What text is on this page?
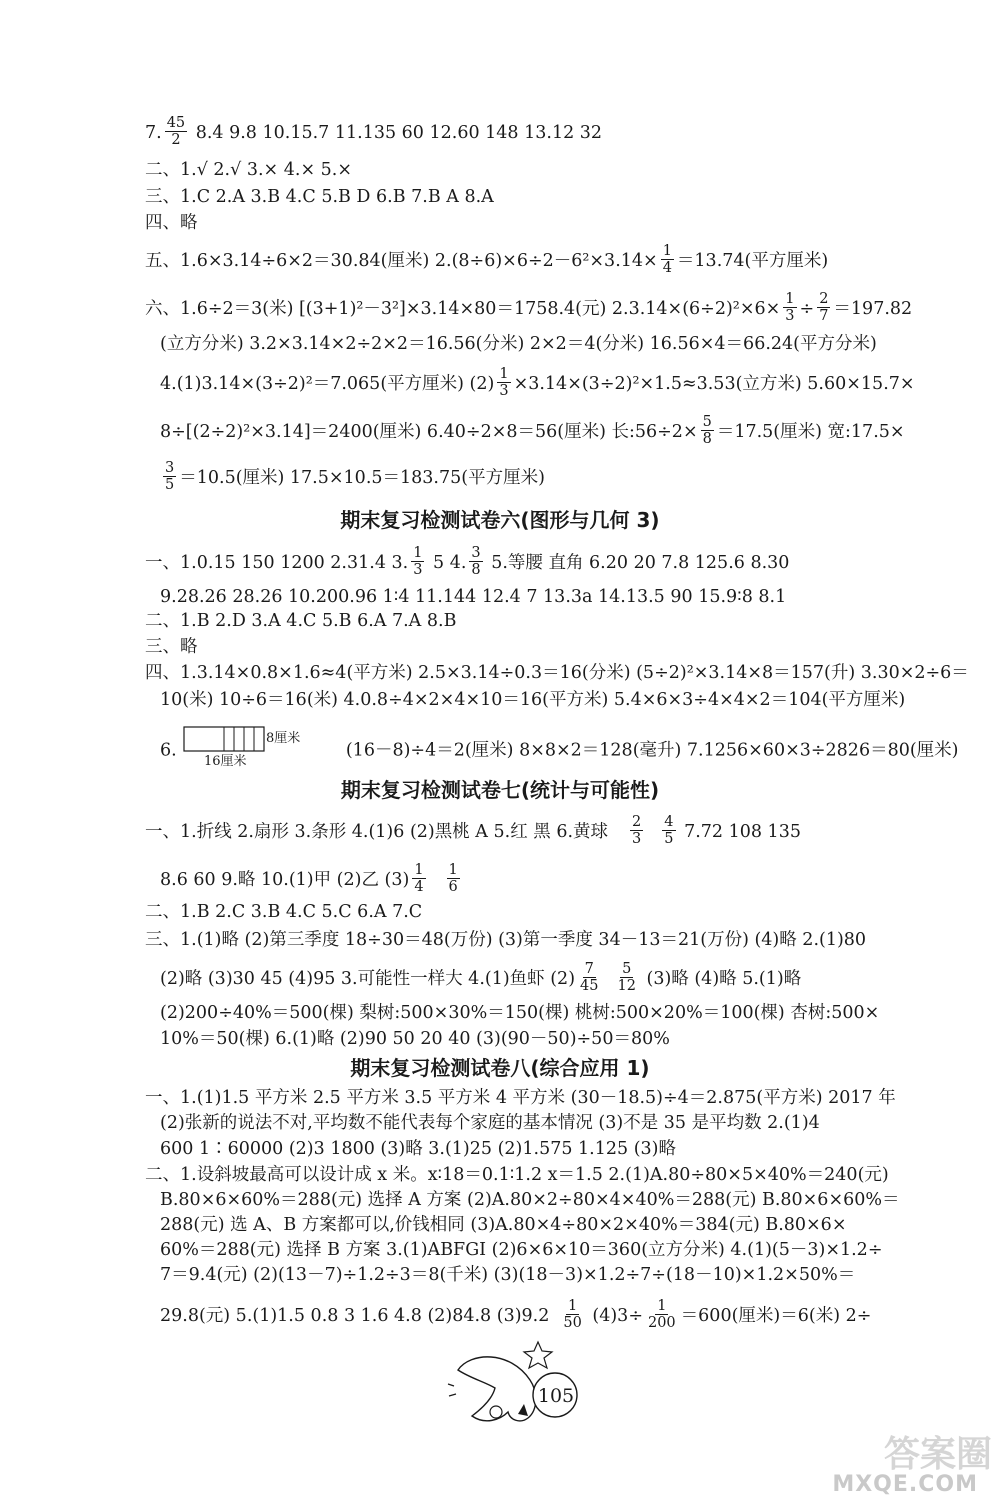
7. $\frac{45}{2} 8.4$ 9.8 10.15.7 11.135 60 12.60 148 13.12 32
二、1.√ 2.√ 3.× 4.× 5.×
三、1.C 2.A 3.B 4.C 5.B D 6.B 7.B A 8.A
四、略
五、1.6×3.14÷6×2＝30.84(厘米) $2.(8\div 6)\times 6\div 2-6^2\times 3.14\times \frac{1}{4} =13.74$(平方厘米)
六、1.6÷2＝3(米) [(3+1)²－3²]×3.14×80＝1758.4(元) $2.3.14\times(6\div 2)^2\times 6\times \frac{1}{3} \div \frac{2}{7} =197.82$
(立方分米) 3.2×3.14×2÷2×2＝16.56(分米) 2×2＝4(分米) 16.56×4＝66.24(平方分米)
4.(1)3.14×(3÷2)²＝7.065(平方厘米) $(2) \frac{1}{3} \times 3.14\times(3\div 2)^2\times 1.5\approx 3.53$(立方米) 5.60×15.7×
8÷[(2÷2)²×3.14]＝2400(厘米) 6.40÷2×8＝56(厘米) 长:56÷2× $\frac{5}{8} =17.5$(厘米) 宽:17.5×
$\frac{3}{5} =10.5$(厘米) 17.5×10.5＝183.75(平方厘米)
期末复习检测试卷六(图形与几何 3)
一、1.0.15 150 1200 2.31.4 3. $\frac{1}{3} 5$ 4. $\frac{3}{8} 5$.等腰 直角 6.20 20 7.8 125.6 8.30
9.28.26 28.26 10.200.96 1∶4 11.144 12.4 7 13.3a 14.13.5 90 15.9∶8 8.1
二、1.B 2.D 3.A 4.C 5.B 6.A 7.A 8.B
三、略
四、1.3.14×0.8×1.6≈4(平方米) 2.5×3.14÷0.3＝16(分米) (5÷2)²×3.14×8＝157(升) 3.30×2÷6＝
10(米) 10÷6＝16(米) 4.0.8÷4×2×4×10＝16(平方米) 5.4×6×3÷4×4×2＝104(平方厘米)
6.
8厘米
16厘米
(16－8)÷4＝2(厘米) 8×8×2＝128(毫升) 7.1256×60×3÷2826＝80(厘米)
期末复习检测试卷七(统计与可能性)
一、1.折线 2.扇形 3.条形 4.(1)6 (2)黑桃 A 5.红 黑 6.黄球 $\frac{2}{3} \frac{4}{5} 7.72$ 108 135
8.6 60 9.略 10.(1)甲 (2)乙 $(3) \frac{1}{4} \frac{1}{6}$
二、1.B 2.C 3.B 4.C 5.C 6.A 7.C
三、1.(1)略 (2)第三季度 18÷30＝48(万份) (3)第一季度 34－13＝21(万份) (4)略 2.(1)80
(2)略 (3)30 45 (4)95 3.可能性一样大 4.(1)鱼虾 $(2) \frac{7}{45} \frac{5}{12} (3)$略 (4)略 5.(1)略
(2)200÷40%＝500(棵) 梨树:500×30%＝150(棵) 桃树:500×20%＝100(棵) 杏树:500×
10%＝50(棵) 6.(1)略 (2)90 50 20 40 (3)(90－50)÷50＝80%
期末复习检测试卷八(综合应用 1)
一、1.(1)1.5 平方米 2.5 平方米 3.5 平方米 4 平方米 (30－18.5)÷4＝2.875(平方米) 2017 年
(2)张新的说法不对,平均数不能代表每个家庭的基本情况 (3)不是 35 是平均数 2.(1)4
600 1∶60000 (2)3 1800 (3)略 3.(1)25 (2)1.575 1.125 (3)略
二、1.设斜坡最高可以设计成 x 米。x∶18＝0.1∶1.2 x＝1.5 2.(1)A.80÷80×5×40%＝240(元)
B.80×6×60%＝288(元) 选择 A 方案 (2)A.80×2÷80×4×40%＝288(元) B.80×6×60%＝
288(元) 选 A、B 方案都可以,价钱相同 (3)A.80×4÷80×2×40%＝384(元) B.80×6×
60%＝288(元) 选择 B 方案 3.(1)ABFGI (2)6×6×10＝360(立方分米) 4.(1)(5－3)×1.2÷
7＝9.4(元) (2)(13－7)÷1.2÷3＝8(千米) (3)(18－3)×1.2÷7÷(18－10)×1.2×50%＝
29.8(元) 5.(1)1.5 0.8 3 1.6 4.8 (2)84.8 $(3)9.2 \frac{1}{50} (4)3\div \frac{1}{200} =600$(厘米)＝6(米) 2÷
105
答案圈
MXQE.COM
